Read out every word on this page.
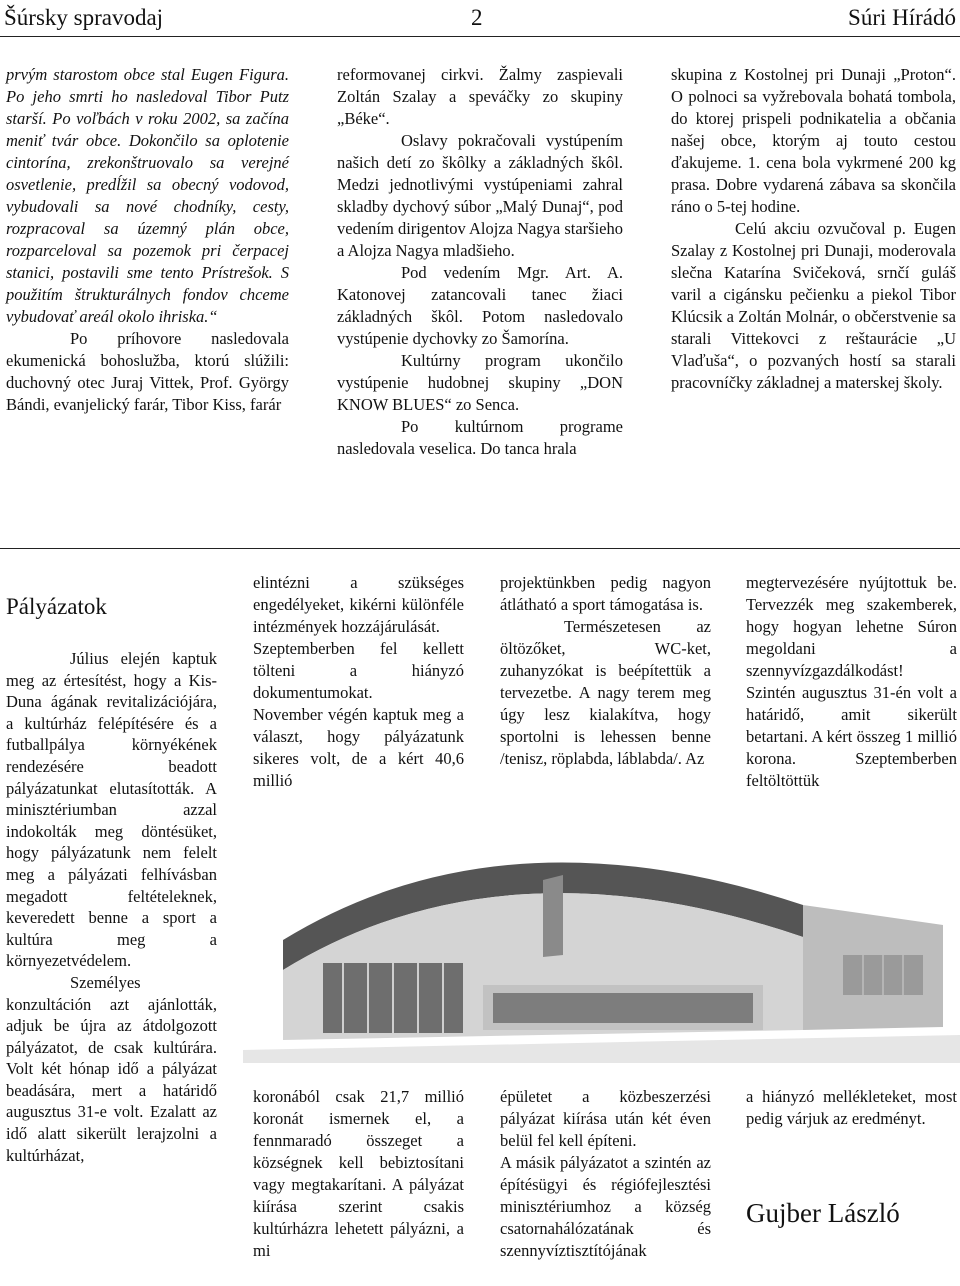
Šúrsky spravodaj	2	Súri Hírádó

prvým starostom obce stal Eugen Figura. Po jeho smrti ho nasledoval Tibor Putz starší. Po voľbách v roku 2002, sa začína meniť tvár obce. Dokončilo sa oplotenie cintorína, zrekonštruovalo sa verejné osvetlenie, predĺžil sa obecný vodovod, vybudovali sa nové chodníky, cesty, rozpracoval sa územný plán obce, rozparceloval sa pozemok pri čerpacej stanici, postavili sme tento Prístrešok. S použitím štrukturálnych fondov chceme vybudovať areál okolo ihriska.“

Po príhovore nasledovala ekumenická bohoslužba, ktorú slúžili: duchovný otec Juraj Vittek, Prof. György Bándi, evanjelický farár, Tibor Kiss, farár

reformovanej cirkvi. Žalmy zaspievali Zoltán Szalay a speváčky zo skupiny „Béke“.

Oslavy pokračovali vystúpením našich detí zo škôlky a základných škôl. Medzi jednotlivými vystúpeniami zahral skladby dychový súbor „Malý Dunaj“, pod vedením dirigentov Alojza Nagya staršieho a Alojza Nagya mladšieho.

Pod vedením Mgr. Art. A. Katonovej zatancovali tanec žiaci základných škôl. Potom nasledovalo vystúpenie dychovky zo Šamorína.

Kultúrny program ukončilo vystúpenie hudobnej skupiny „DON KNOW BLUES“ zo Senca.

Po kultúrnom programe nasledovala veselica. Do tanca hrala

skupina z Kostolnej pri Dunaji „Proton“. O polnoci sa vyžrebovala bohatá tombola, do ktorej prispeli podnikatelia a občania našej obce, ktorým aj touto cestou ďakujeme. 1. cena bola vykrmené 200 kg prasa. Dobre vydarená zábava sa skončila ráno o 5-tej hodine.

Celú akciu ozvučoval p. Eugen Szalay z Kostolnej pri Dunaji, moderovala slečna Katarína Svičeková, srnčí guláš varil a cigánsku pečienku a piekol Tibor Klúcsik a Zoltán Molnár, o občerstvenie sa starali Vittekovci z reštaurácie „U Vlaďuša“, o pozvaných hostí sa starali pracovníčky základnej a materskej školy.

Pályázatok

Július elején kaptuk meg az értesítést, hogy a Kis-Duna ágának revitalizációjára, a kultúrház felépítésére és a futballpálya környékének rendezésére beadott pályázatunkat elutasították. A minisztériumban azzal indokolták meg döntésüket, hogy pályázatunk nem felelt meg a pályázati felhívásban megadott feltételeknek, keveredett benne a sport a kultúra meg a környezetvédelem.

Személyes konzultáción azt ajánlották, adjuk be újra az átdolgozott pályázatot, de csak kultúrára. Volt két hónap idő a pályázat beadására, mert a határidő augusztus 31-e volt. Ezalatt az idő alatt sikerült lerajzolni a kultúrházat,

elintézni a szükséges engedélyeket, kikérni különféle intézmények hozzájárulását.

Szeptemberben fel kellett tölteni a hiányzó dokumentumokat.

November végén kaptuk meg a választ, hogy pályázatunk sikeres volt, de a kért 40,6 millió

projektünkben pedig nagyon átlátható a sport támogatása is.

Természetesen az öltözőket, WC-ket, zuhanyzókat is beépítettük a tervezetbe. A nagy terem meg úgy lesz kialakítva, hogy sportolni is lehessen benne /tenisz, röplabda, láblabda/. Az

megtervezésére nyújtottuk be. Tervezzék meg szakemberek, hogy hogyan lehetne Súron megoldani a szennyvízgazdálkodást!

Szintén augusztus 31-én volt a határidő, amit sikerült betartani. A kért összeg 1 millió korona. Szeptemberben feltöltöttük

koronából csak 21,7 millió koronát ismernek el, a fennmaradó összeget a községnek kell bebiztosítani vagy megtakarítani. A pályázat kiírása szerint csakis kultúrházra lehetett pályázni, a mi

épületet a közbeszerzési pályázat kiírása után két éven belül fel kell építeni.

A másik pályázatot a szintén az építésügyi és régiófejlesztési minisztériumhoz a község csatornahálózatának és szennyvíztisztítójának

a hiányzó mellékleteket, most pedig várjuk az eredményt.

Gujber László
